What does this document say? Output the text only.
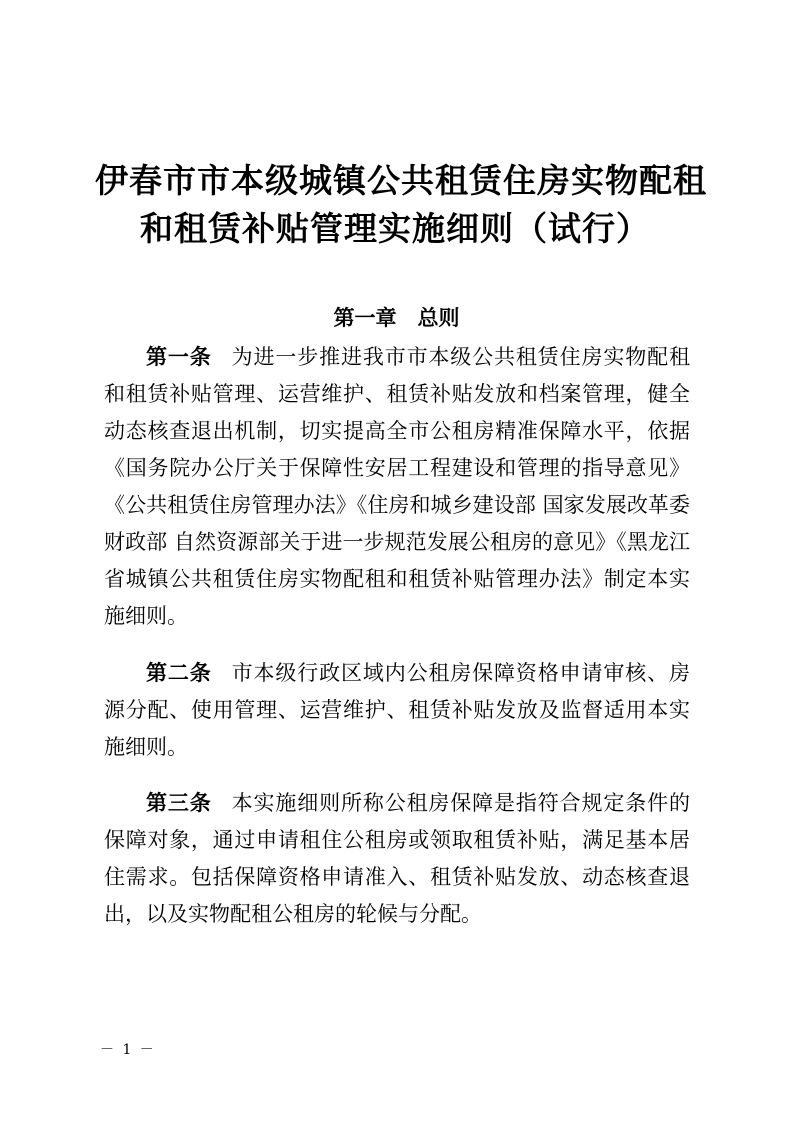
伊春市市本级城镇公共租赁住房实物配租
和租赁补贴管理实施细则（试行）
第一章　总则

第一条 为进一步推进我市市本级公共租赁住房实物配租和租赁补贴管理、运营维护、租赁补贴发放和档案管理，健全动态核查退出机制，切实提高全市公租房精准保障水平，依据《国务院办公厅关于保障性安居工程建设和管理的指导意见》《公共租赁住房管理办法》《住房和城乡建设部 国家发展改革委 财政部 自然资源部关于进一步规范发展公租房的意见》《黑龙江省城镇公共租赁住房实物配租和租赁补贴管理办法》制定本实施细则。

第二条 市本级行政区域内公租房保障资格申请审核、房源分配、使用管理、运营维护、租赁补贴发放及监督适用本实施细则。

第三条 本实施细则所称公租房保障是指符合规定条件的保障对象，通过申请租住公租房或领取租赁补贴，满足基本居住需求。包括保障资格申请准入、租赁补贴发放、动态核查退出，以及实物配租公租房的轮候与分配。

－ 1 －
